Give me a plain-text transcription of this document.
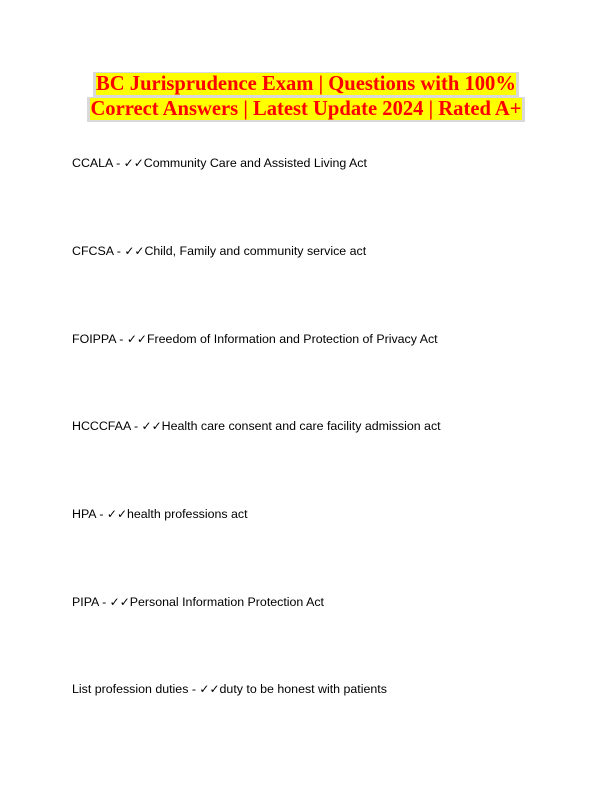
BC Jurisprudence Exam | Questions with 100%
Correct Answers | Latest Update 2024 | Rated A+
CCALA - ✓✓Community Care and Assisted Living Act
CFCSA - ✓✓Child, Family and community service act
FOIPPA - ✓✓Freedom of Information and Protection of Privacy Act
HCCCFAA - ✓✓Health care consent and care facility admission act
HPA - ✓✓health professions act
PIPA - ✓✓Personal Information Protection Act
List profession duties - ✓✓duty to be honest with patients
